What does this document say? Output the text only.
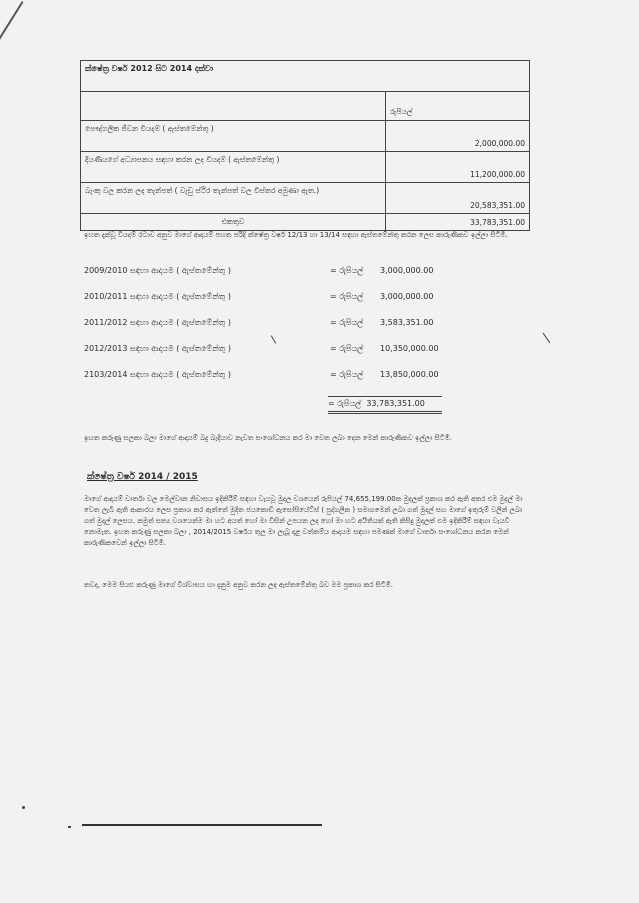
ක්ෂේත්‍ර වර්ෂ 2012 සිට 2014 දක්වා	
	රුපියල්
පෞද්ගලික ජීවන වියදම් ( ඇස්තමේන්තු )	2,000,000.00
දියණියගේ අධ්‍යාපනය සඳහා කරන ලද වියදම් ( ඇස්තමේන්තු )	11,200,000.00
බැංකු වල කරන ලද තැන්පත් ( වැඩු ස්ථිර තැන්පත් වල විස්තර අමුණා ඇත.)	20,583,351.00
එකතුව	33,783,351.00
ඉහත දැක්වූ වියදම් රටාව අනුව මාගේ ආදායම් පහත පරිදි ක්ෂේත්‍ර වර්ෂ 12/13 හා 13/14 සඳහා ඇස්තමේන්තු කරන ලෙස කාරුණිකව ඉල්ලා සිටිමි.
2009/2010 සඳහා ආදායම ( ඇස්තමේන්තු )	= රුපියල් 3,000,000.00
2010/2011 සඳහා ආදායම ( ඇස්තමේන්තු )	= රුපියල් 3,000,000.00
2011/2012 සඳහා ආදායම ( ඇස්තමේන්තු )	= රුපියල් 3,583,351.00
2012/2013 සඳහා ආදායම ( ඇස්තමේන්තු )	= රුපියල් 10,350,000.00
2103/2014 සඳහා ආදායම ( ඇස්තමේන්තු )	= රුපියල් 13,850,000.00
= රුපියල් 33,783,351.00
ඉහත කරුණු සලකා බලා මාගේ ආදායම් බදු බැදීයාව නැවත සංශෝධනය කර මා වෙත ලබා දෙන මෙන් කාරුණිකව ඉල්ලා සිටිමි.
ක්ෂේත්‍ර වර්ෂ 2014 / 2015
මාගේ ආදායම් වාර්තා වල මෙල්වාන නිවාසය ඉදිකිරීම් සඳහා වැයවූ මුදල වශයෙන් රුපියල් 74,655,199.00ක මුදලක් ප්‍රකාශ කර ඇති අතර එම මුදල් මා වෙත ලැබී ඇති ආකාරය ලෙස ප්‍රකාශ කර ඇත්තේ මුදිත ජයකොඩි ඇසෝසියේට්ස් ( පුද්ගලික ) සමාගමෙන් ලබා ගත් මුදල් සහ මාගේ ඉතුරුම් වලින් ලබා ගත් මුදල් ලෙසය. නමුත් සත්‍ය වශයෙන්ම මා හට අයත් හෝ මා විසින් උපයන ලද හෝ මා හට අයිතියක් ඇති කිසිදු මුදලක් එම ඉදිකිරීම් සඳහා වැයවී නොමැත. ඉහත කරුණු සලකා බලා , 2014/2015 වර්ෂය තුල මා ලැබූ දළ වත්කම්ය ආදායම සඳහා පමණක් මාගේ වාර්තා සංශෝධනය කරන මෙන් කාරුණිකවෙන් ඉල්ලා සිටිමි.
තවද, මෙම සියළු කරුණු මාගේ විශ්වාසය හා දැනුම අනුව කරන ලද ඇස්තමේන්තු බව මම ප්‍රකාශ කර සිටිමි.
